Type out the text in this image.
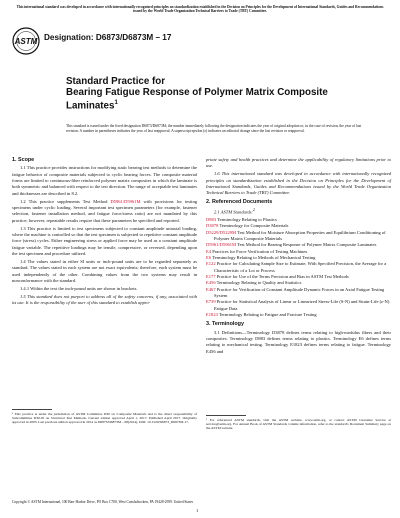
This international standard was developed in accordance with internationally recognized principles on standardization established in the Decision on Principles for the Development of International Standards, Guides and Recommendations issued by the World Trade Organization Technical Barriers to Trade (TBT) Committee.
ASTM Designation: D6873/D6873M – 17
Standard Practice for
Bearing Fatigue Response of Polymer Matrix Composite
Laminates$^1$
This standard is issued under the fixed designation D6873/D6873M; the number immediately following the designation indicates the year of original adoption or, in the case of revision, the year of last revision. A number in parentheses indicates the year of last reapproval. A superscript epsilon (ε) indicates an editorial change since the last revision or reapproval.
1. Scope
1.1 This practice provides instructions for modifying static bearing test methods to determine the fatigue behavior of composite materials subjected to cyclic bearing forces. The composite material forms are limited to continuous-fiber reinforced polymer matrix composites in which the laminate is both symmetric and balanced with respect to the test direction. The range of acceptable test laminates and thicknesses are described in 8.2.
1.2 This practice supplements Test Method D5961/D5961M with provisions for testing specimens under cyclic loading. Several important test specimen parameters (for example, fastener selection, fastener installation method, and fatigue force/stress ratio) are not mandated by this practice; however, repeatable results require that these parameters be specified and reported.
1.3 This practice is limited to test specimens subjected to constant amplitude uniaxial loading, where the machine is controlled so that the test specimen is subjected to repetitive constant amplitude force (stress) cycles. Either engineering stress or applied force may be used as a constant amplitude fatigue variable. The repetitive loadings may be tensile, compressive, or reversed, depending upon the test specimen and procedure utilized.
1.4 The values stated in either SI units or inch-pound units are to be regarded separately as standard. The values stated in each system are not exact equivalents; therefore, each system must be used independently of the other. Combining values from the two systems may result in nonconformance with the standard.
1.4.1 Within the text the inch-pound units are shown in brackets.
1.5 This standard does not purport to address all of the safety concerns, if any, associated with its use. It is the responsibility of the user of this standard to establish appro-
priate safety and health practices and determine the applicability of regulatory limitations prior to use.
1.6 This international standard was developed in accordance with internationally recognized principles on standardization established in the Decision on Principles for the Development of International Standards, Guides and Recommendations issued by the World Trade Organization Technical Barriers to Trade (TBT) Committee.
2. Referenced Documents
2.1 ASTM Standards:$^2$
D883 Terminology Relating to Plastics
D3878 Terminology for Composite Materials
D5229/D5229M Test Method for Moisture Absorption Properties and Equilibrium Conditioning of Polymer Matrix Composite Materials
D5961/D5961M Test Method for Bearing Response of Polymer Matrix Composite Laminates
E4 Practices for Force Verification of Testing Machines
E6 Terminology Relating to Methods of Mechanical Testing
E122 Practice for Calculating Sample Size to Estimate, With Specified Precision, the Average for a Characteristic of a Lot or Process
E177 Practice for Use of the Terms Precision and Bias in ASTM Test Methods
E456 Terminology Relating to Quality and Statistics
E467 Practice for Verification of Constant Amplitude Dynamic Forces in an Axial Fatigue Testing System
E739 Practice for Statistical Analysis of Linear or Linearized Stress-Life (S-N) and Strain-Life (ε-N) Fatigue Data
E1823 Terminology Relating to Fatigue and Fracture Testing
3. Terminology
3.1 Definitions—Terminology D3878 defines terms relating to high-modulus fibers and their composites. Terminology D883 defines terms relating to plastics. Terminology E6 defines terms relating to mechanical testing. Terminology E1823 defines terms relating to fatigue. Terminology E456 and
¹ This practice is under the jurisdiction of ASTM Committee D30 on Composite Materials and is the direct responsibility of Subcommittee D30.05 on Structural Test Methods. Current edition approved April 1, 2017. Published April 2017. Originally approved in 2003. Last previous edition approved in 2014 as D6873/D6873M – 08(2014). DOI: 10.1520/D6873_D6873M-17.
² For referenced ASTM standards, visit the ASTM website, www.astm.org, or contact ASTM Customer Service at service@astm.org. For Annual Book of ASTM Standards volume information, refer to the standard's Document Summary page on the ASTM website.
Copyright © ASTM International, 100 Barr Harbor Drive, PO Box C700, West Conshohocken, PA 19428-2959. United States
1
